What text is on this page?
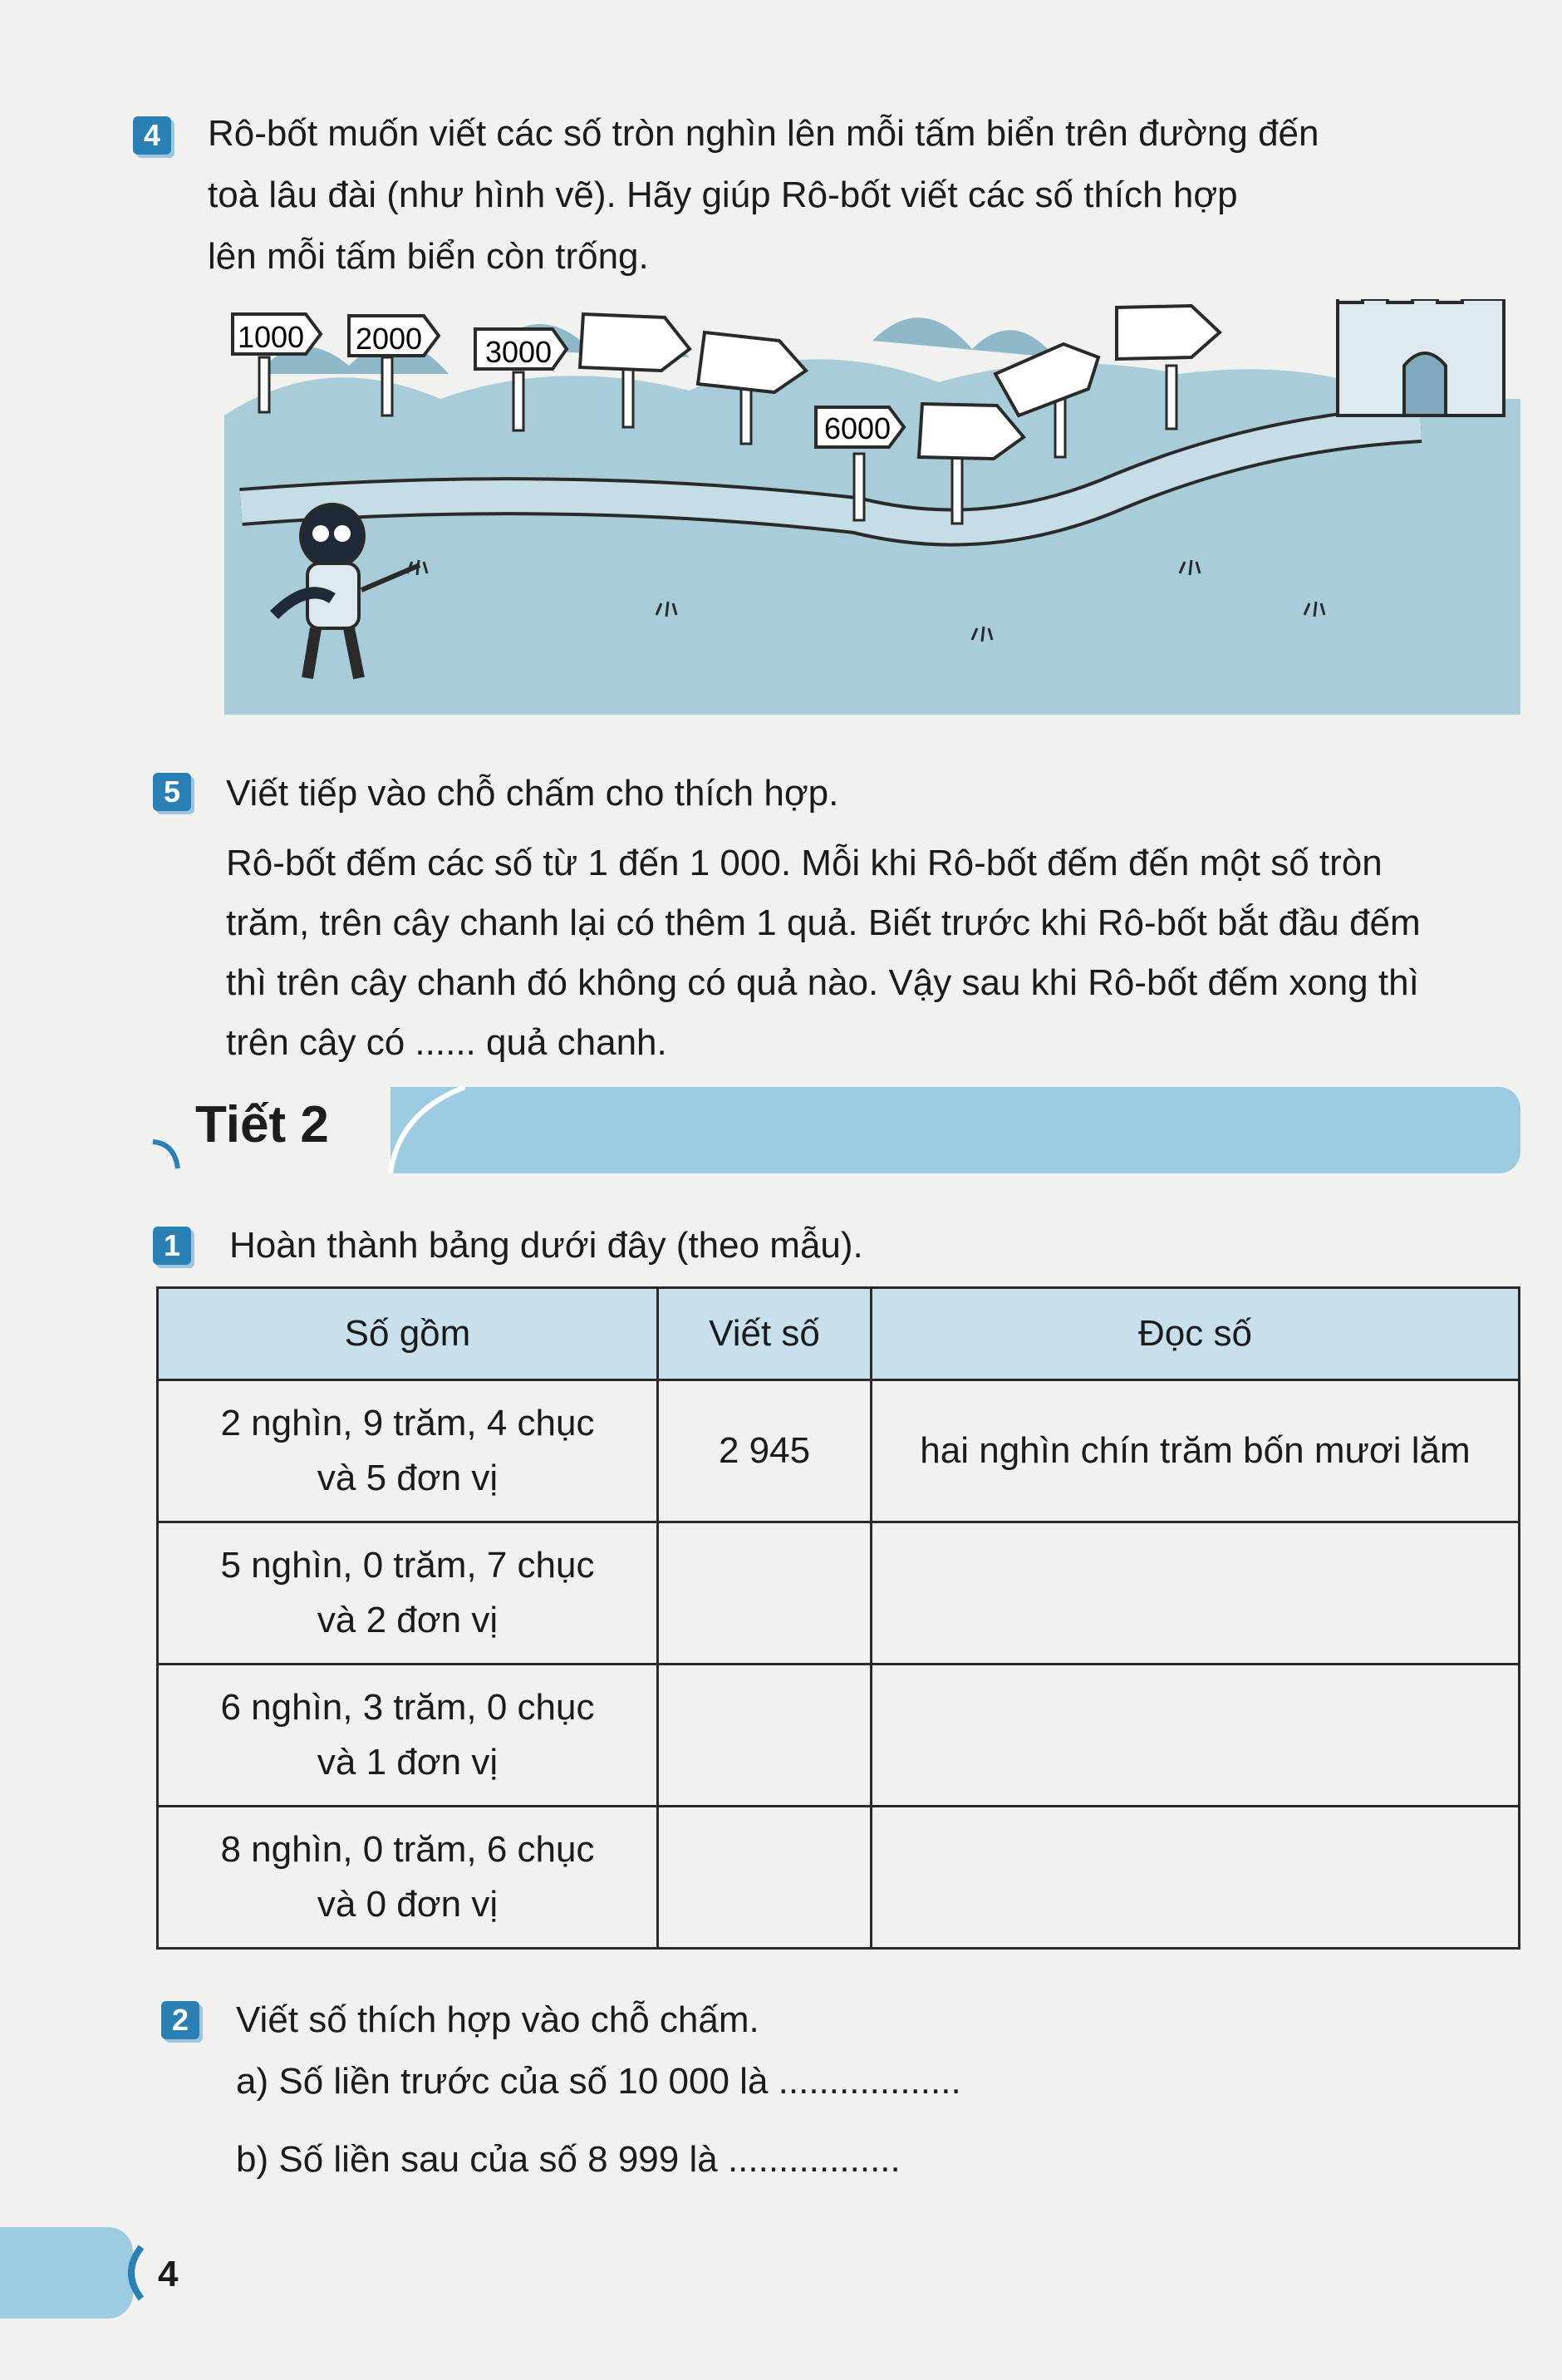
4 Rô-bốt muốn viết các số tròn nghìn lên mỗi tấm biển trên đường đến
toà lâu đài (như hình vẽ). Hãy giúp Rô-bốt viết các số thích hợp
lên mỗi tấm biển còn trống.
1000 2000 3000
6000
5 Viết tiếp vào chỗ chấm cho thích hợp.
Rô-bốt đếm các số từ 1 đến 1 000. Mỗi khi Rô-bốt đếm đến một số tròn
trăm, trên cây chanh lại có thêm 1 quả. Biết trước khi Rô-bốt bắt đầu đếm
thì trên cây chanh đó không có quả nào. Vậy sau khi Rô-bốt đếm xong thì
trên cây có ...... quả chanh.
Tiết 2
1 Hoàn thành bảng dưới đây (theo mẫu).
Số gồm	Viết số	Đọc số

2 nghìn, 9 trăm, 4 chục
và 5 đơn vị	2 945	hai nghìn chín trăm bốn mươi lăm

5 nghìn, 0 trăm, 7 chục
và 2 đơn vị		

6 nghìn, 3 trăm, 0 chục
và 1 đơn vị		

8 nghìn, 0 trăm, 6 chục
và 0 đơn vị		

2 Viết số thích hợp vào chỗ chấm.
a) Số liền trước của số 10 000 là ..................
b) Số liền sau của số 8 999 là .................
4
